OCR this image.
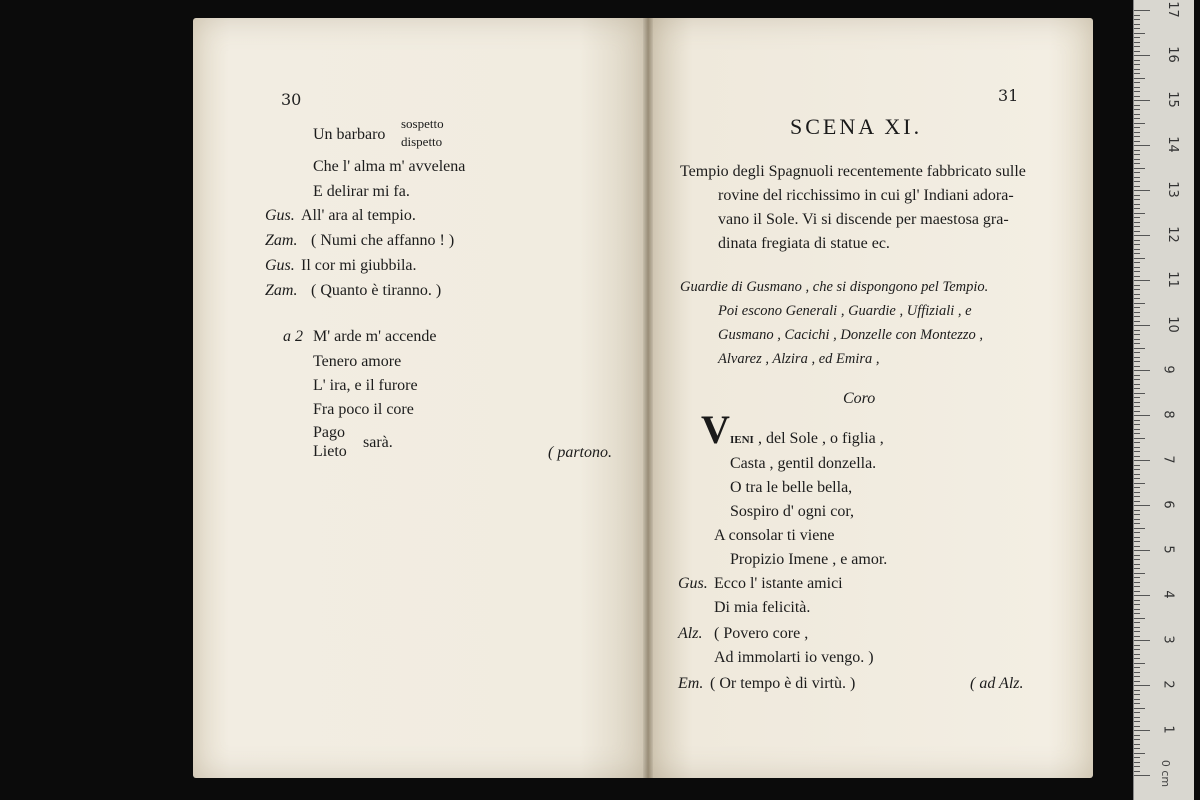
30
Un barbaro
sospetto
dispetto
Che l' alma m' avvelena
E delirar mi fa.
Gus. All' ara al tempio.
Zam. ( Numi che affanno ! )
Gus. Il cor mi giubbila.
Zam. ( Quanto è tiranno. )
a 2 M' arde m' accende
Tenero amore
L' ira, e il furore
Fra poco il core
Pago
Lieto
sarà.
( partono.
31
SCENA XI.
Tempio degli Spagnuoli recentemente fabbricato sulle
rovine del ricchissimo in cui gl' Indiani adora-
vano il Sole. Vi si discende per maestosa gra-
dinata fregiata di statue ec.
Guardie di Gusmano , che si dispongono pel Tempio.
Poi escono Generali , Guardie , Uffiziali , e
Gusmano , Cacichi , Donzelle con Montezzo ,
Alvarez , Alzira , ed Emira ,
Coro
V IENI , del Sole , o figlia ,
Casta , gentil donzella.
O tra le belle bella,
Sospiro d' ogni cor,
A consolar ti viene
Propizio Imene , e amor.
Gus. Ecco l' istante amici
Di mia felicità.
Alz. ( Povero core ,
Ad immolarti io vengo. )
Em. ( Or tempo è di virtù. )	( ad Alz.
0 cm
1
2
3
4
5
6
7
8
9
10
11
12
13
14
15
16
17
